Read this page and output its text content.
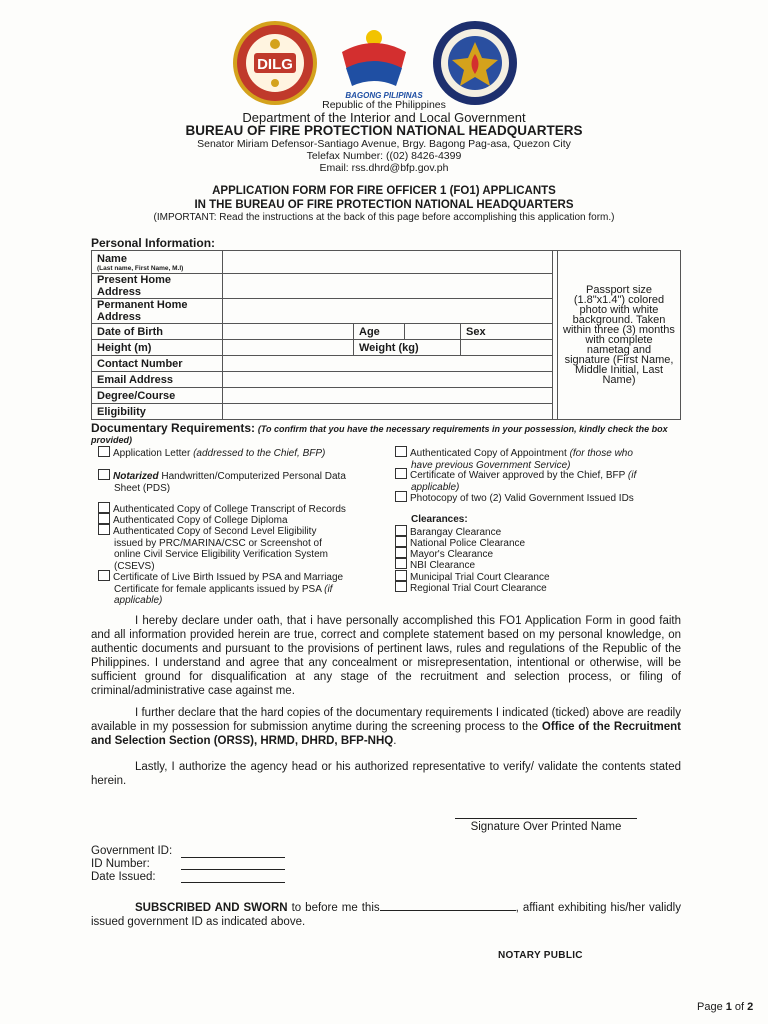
DILG
BAGONG PILIPINAS
Republic of the Philippines
Department of the Interior and Local Government
BUREAU OF FIRE PROTECTION NATIONAL HEADQUARTERS
Senator Miriam Defensor-Santiago Avenue, Brgy. Bagong Pag-asa, Quezon City
Telefax Number: ((02) 8426-4399
Email: rss.dhrd@bfp.gov.ph
APPLICATION FORM FOR FIRE OFFICER 1 (FO1) APPLICANTS
IN THE BUREAU OF FIRE PROTECTION NATIONAL HEADQUARTERS
(IMPORTANT: Read the instructions at the back of this page before accomplishing this application form.)
Personal Information:
Name
(Last name, First Name, M.I)						Passport size (1.8"x1.4") colored photo with white background. Taken within three (3) months with complete nametag and signature (First Name, Middle Initial, Last Name)
Present Home
Address						
Permanent Home
Address						
Date of Birth		Age		Sex		
Height (m)		Weight (kg)				
Contact Number						
Email Address						
Degree/Course						
Eligibility						
Documentary Requirements: (To confirm that you have the necessary requirements in your possession, kindly check the box provided)
Application Letter (addressed to the Chief, BFP)
Notarized Handwritten/Computerized Personal Data
Sheet (PDS)
Authenticated Copy of College Transcript of Records
Authenticated Copy of College Diploma
Authenticated Copy of Second Level Eligibility
issued by PRC/MARINA/CSC or Screenshot of
online Civil Service Eligibility Verification System
(CSEVS)
Certificate of Live Birth Issued by PSA and Marriage
Certificate for female applicants issued by PSA (if
applicable)
Authenticated Copy of Appointment (for those who
have previous Government Service)
Certificate of Waiver approved by the Chief, BFP (if
applicable)
Photocopy of two (2) Valid Government Issued IDs
Clearances:
Barangay Clearance
National Police Clearance
Mayor's Clearance
NBI Clearance
Municipal Trial Court Clearance
Regional Trial Court Clearance
I hereby declare under oath, that i have personally accomplished this FO1 Application Form in good faith and all information provided herein are true, correct and complete statement based on my personal knowledge, on authentic documents and pursuant to the provisions of pertinent laws, rules and regulations of the Republic of the Philippines. I understand and agree that any concealment or misrepresentation, intentional or otherwise, will be sufficient ground for disqualification at any stage of the recruitment and selection process, or filing of criminal/administrative case against me.
I further declare that the hard copies of the documentary requirements I indicated (ticked) above are readily available in my possession for submission anytime during the screening process to the Office of the Recruitment and Selection Section (ORSS), HRMD, DHRD, BFP-NHQ.
Lastly, I authorize the agency head or his authorized representative to verify/ validate the contents stated herein.
Signature Over Printed Name
Government ID:
ID Number:
Date Issued:
SUBSCRIBED AND SWORN to before me this	, affiant exhibiting his/her validly issued government ID as indicated above.
NOTARY PUBLIC
Page 1 of 2
